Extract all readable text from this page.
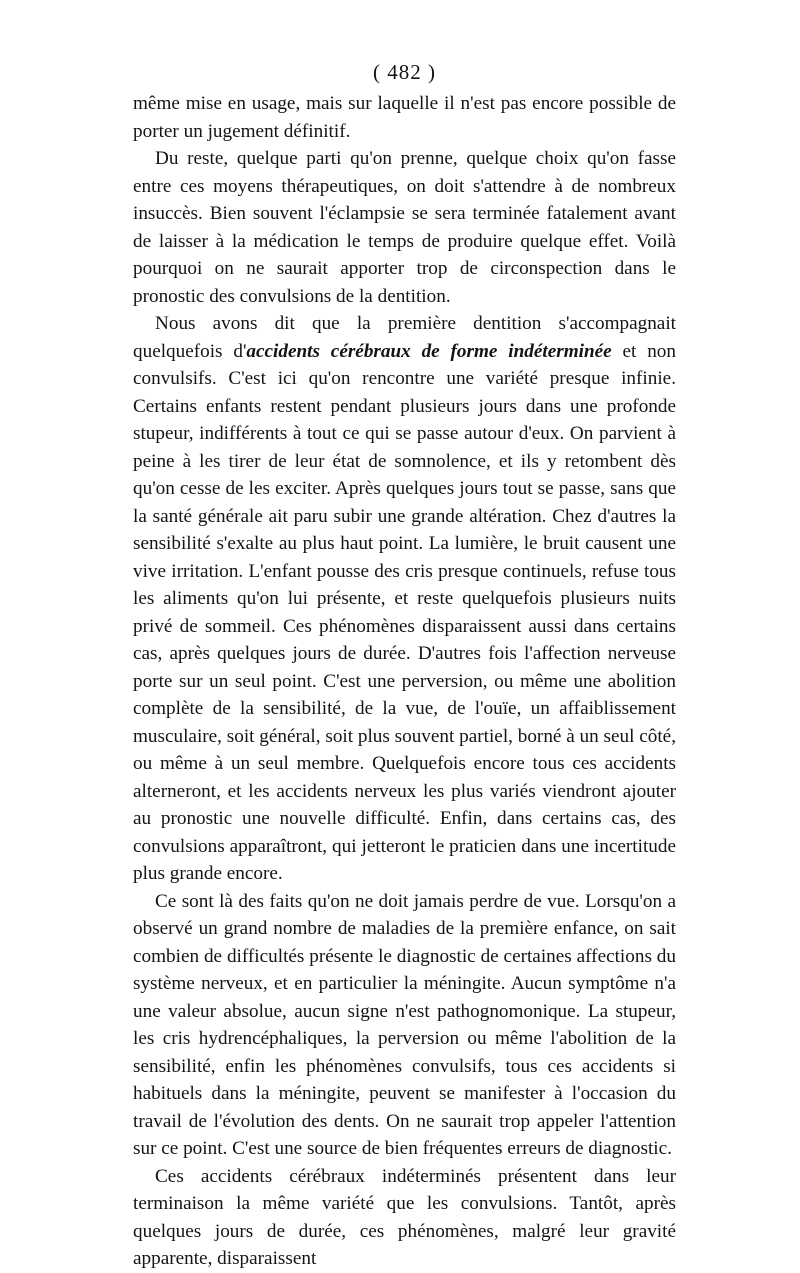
( 482 )

même mise en usage, mais sur laquelle il n'est pas encore possible de porter un jugement définitif.

Du reste, quelque parti qu'on prenne, quelque choix qu'on fasse entre ces moyens thérapeutiques, on doit s'attendre à de nombreux insuccès. Bien souvent l'éclampsie se sera terminée fatalement avant de laisser à la médication le temps de produire quelque effet. Voilà pourquoi on ne saurait apporter trop de circonspection dans le pronostic des convulsions de la dentition.

Nous avons dit que la première dentition s'accompagnait quelquefois d'accidents cérébraux de forme indéterminée et non convulsifs. C'est ici qu'on rencontre une variété presque infinie. Certains enfants restent pendant plusieurs jours dans une profonde stupeur, indifférents à tout ce qui se passe autour d'eux. On parvient à peine à les tirer de leur état de somnolence, et ils y retombent dès qu'on cesse de les exciter. Après quelques jours tout se passe, sans que la santé générale ait paru subir une grande altération. Chez d'autres la sensibilité s'exalte au plus haut point. La lumière, le bruit causent une vive irritation. L'enfant pousse des cris presque continuels, refuse tous les aliments qu'on lui présente, et reste quelquefois plusieurs nuits privé de sommeil. Ces phénomènes disparaissent aussi dans certains cas, après quelques jours de durée. D'autres fois l'affection nerveuse porte sur un seul point. C'est une perversion, ou même une abolition complète de la sensibilité, de la vue, de l'ouïe, un affaiblissement musculaire, soit général, soit plus souvent partiel, borné à un seul côté, ou même à un seul membre. Quelquefois encore tous ces accidents alterneront, et les accidents nerveux les plus variés viendront ajouter au pronostic une nouvelle difficulté. Enfin, dans certains cas, des convulsions apparaîtront, qui jetteront le praticien dans une incertitude plus grande encore.

Ce sont là des faits qu'on ne doit jamais perdre de vue. Lorsqu'on a observé un grand nombre de maladies de la première enfance, on sait combien de difficultés présente le diagnostic de certaines affections du système nerveux, et en particulier la méningite. Aucun symptôme n'a une valeur absolue, aucun signe n'est pathognomonique. La stupeur, les cris hydrencéphaliques, la perversion ou même l'abolition de la sensibilité, enfin les phénomènes convulsifs, tous ces accidents si habituels dans la méningite, peuvent se manifester à l'occasion du travail de l'évolution des dents. On ne saurait trop appeler l'attention sur ce point. C'est une source de bien fréquentes erreurs de diagnostic.

Ces accidents cérébraux indéterminés présentent dans leur terminaison la même variété que les convulsions. Tantôt, après quelques jours de durée, ces phénomènes, malgré leur gravité apparente, disparaissent
